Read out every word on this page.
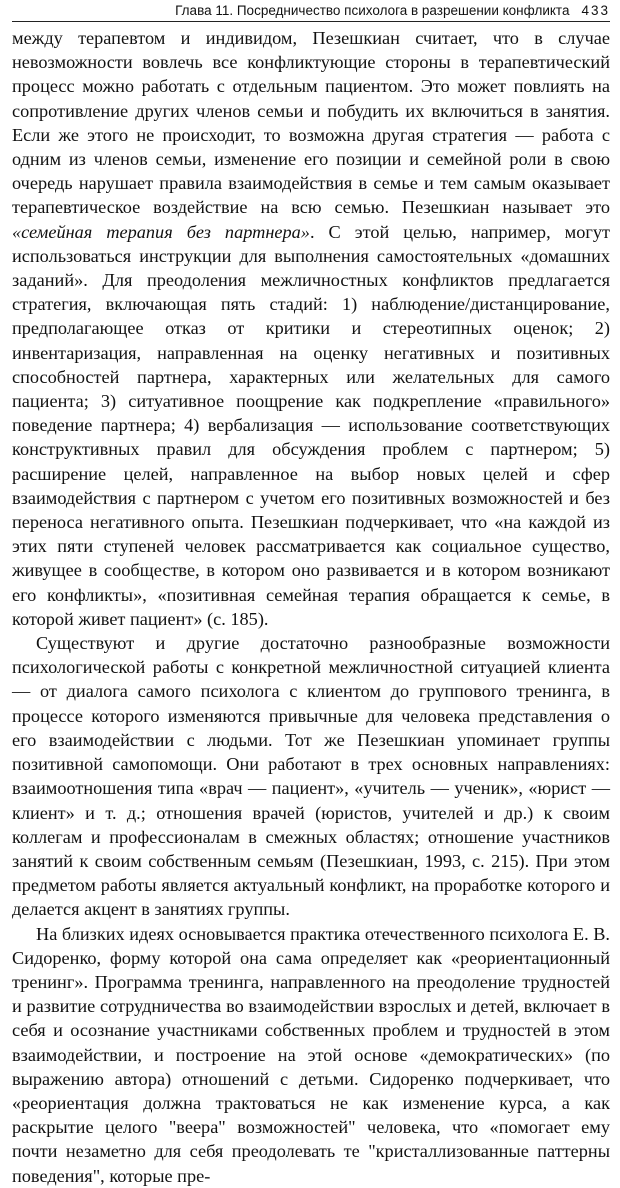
Глава 11. Посредничество психолога в разрешении конфликта 433

между терапевтом и индивидом, Пезешкиан считает, что в случае невозможности вовлечь все конфликтующие стороны в терапевтический процесс можно работать с отдельным пациентом. Это может повлиять на сопротивление других членов семьи и побудить их включиться в занятия. Если же этого не происходит, то возможна другая стратегия — работа с одним из членов семьи, изменение его позиции и семейной роли в свою очередь нарушает правила взаимодействия в семье и тем самым оказывает терапевтическое воздействие на всю семью. Пезешкиан называет это «семейная терапия без партнера». С этой целью, например, могут использоваться инструкции для выполнения самостоятельных «домашних заданий». Для преодоления межличностных конфликтов предлагается стратегия, включающая пять стадий: 1) наблюдение/дистанцирование, предполагающее отказ от критики и стереотипных оценок; 2) инвентаризация, направленная на оценку негативных и позитивных способностей партнера, характерных или желательных для самого пациента; 3) ситуативное поощрение как подкрепление «правильного» поведение партнера; 4) вербализация — использование соответствующих конструктивных правил для обсуждения проблем с партнером; 5) расширение целей, направленное на выбор новых целей и сфер взаимодействия с партнером с учетом его позитивных возможностей и без переноса негативного опыта. Пезешкиан подчеркивает, что «на каждой из этих пяти ступеней человек рассматривается как социальное существо, живущее в сообществе, в котором оно развивается и в котором возникают его конфликты», «позитивная семейная терапия обращается к семье, в которой живет пациент» (с. 185).

Существуют и другие достаточно разнообразные возможности психологической работы с конкретной межличностной ситуацией клиента — от диалога самого психолога с клиентом до группового тренинга, в процессе которого изменяются привычные для человека представления о его взаимодействии с людьми. Тот же Пезешкиан упоминает группы позитивной самопомощи. Они работают в трех основных направлениях: взаимоотношения типа «врач — пациент», «учитель — ученик», «юрист — клиент» и т. д.; отношения врачей (юристов, учителей и др.) к своим коллегам и профессионалам в смежных областях; отношение участников занятий к своим собственным семьям (Пезешкиан, 1993, с. 215). При этом предметом работы является актуальный конфликт, на проработке которого и делается акцент в занятиях группы.

На близких идеях основывается практика отечественного психолога Е. В. Сидоренко, форму которой она сама определяет как «реориентационный тренинг». Программа тренинга, направленного на преодоление трудностей и развитие сотрудничества во взаимодействии взрослых и детей, включает в себя и осознание участниками собственных проблем и трудностей в этом взаимодействии, и построение на этой основе «демократических» (по выражению автора) отношений с детьми. Сидоренко подчеркивает, что «реориентация должна трактоваться не как изменение курса, а как раскрытие целого "веера" возможностей" человека, что «помогает ему почти незаметно для себя преодолевать те "кристаллизованные паттерны поведения", которые пре-
